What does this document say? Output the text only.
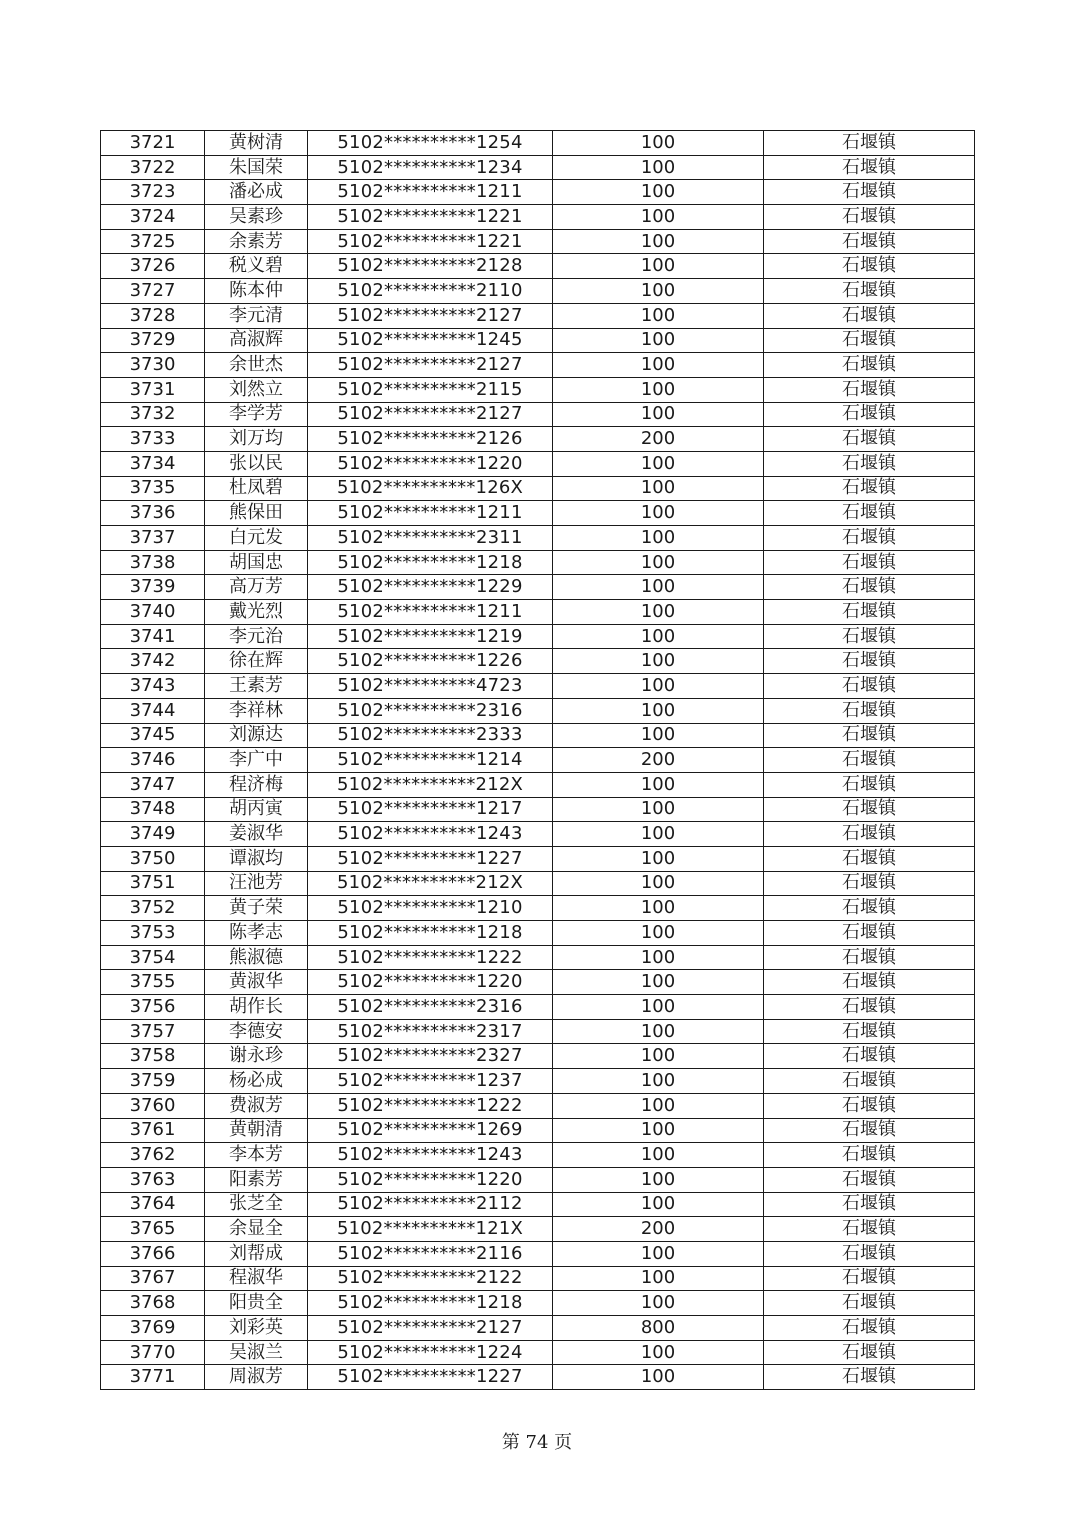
3721	黄树清	5102**********1254	100	石堰镇
3722	朱国荣	5102**********1234	100	石堰镇
3723	潘必成	5102**********1211	100	石堰镇
3724	吴素珍	5102**********1221	100	石堰镇
3725	余素芳	5102**********1221	100	石堰镇
3726	税义碧	5102**********2128	100	石堰镇
3727	陈本仲	5102**********2110	100	石堰镇
3728	李元清	5102**********2127	100	石堰镇
3729	高淑辉	5102**********1245	100	石堰镇
3730	余世杰	5102**********2127	100	石堰镇
3731	刘然立	5102**********2115	100	石堰镇
3732	李学芳	5102**********2127	100	石堰镇
3733	刘万均	5102**********2126	200	石堰镇
3734	张以民	5102**********1220	100	石堰镇
3735	杜凤碧	5102**********126X	100	石堰镇
3736	熊保田	5102**********1211	100	石堰镇
3737	白元发	5102**********2311	100	石堰镇
3738	胡国忠	5102**********1218	100	石堰镇
3739	高万芳	5102**********1229	100	石堰镇
3740	戴光烈	5102**********1211	100	石堰镇
3741	李元治	5102**********1219	100	石堰镇
3742	徐在辉	5102**********1226	100	石堰镇
3743	王素芳	5102**********4723	100	石堰镇
3744	李祥林	5102**********2316	100	石堰镇
3745	刘源达	5102**********2333	100	石堰镇
3746	李广中	5102**********1214	200	石堰镇
3747	程济梅	5102**********212X	100	石堰镇
3748	胡丙寅	5102**********1217	100	石堰镇
3749	姜淑华	5102**********1243	100	石堰镇
3750	谭淑均	5102**********1227	100	石堰镇
3751	汪池芳	5102**********212X	100	石堰镇
3752	黄子荣	5102**********1210	100	石堰镇
3753	陈孝志	5102**********1218	100	石堰镇
3754	熊淑德	5102**********1222	100	石堰镇
3755	黄淑华	5102**********1220	100	石堰镇
3756	胡作长	5102**********2316	100	石堰镇
3757	李德安	5102**********2317	100	石堰镇
3758	谢永珍	5102**********2327	100	石堰镇
3759	杨必成	5102**********1237	100	石堰镇
3760	费淑芳	5102**********1222	100	石堰镇
3761	黄朝清	5102**********1269	100	石堰镇
3762	李本芳	5102**********1243	100	石堰镇
3763	阳素芳	5102**********1220	100	石堰镇
3764	张芝全	5102**********2112	100	石堰镇
3765	余显全	5102**********121X	200	石堰镇
3766	刘帮成	5102**********2116	100	石堰镇
3767	程淑华	5102**********2122	100	石堰镇
3768	阳贵全	5102**********1218	100	石堰镇
3769	刘彩英	5102**********2127	800	石堰镇
3770	吴淑兰	5102**********1224	100	石堰镇
3771	周淑芳	5102**********1227	100	石堰镇
第 74 页
